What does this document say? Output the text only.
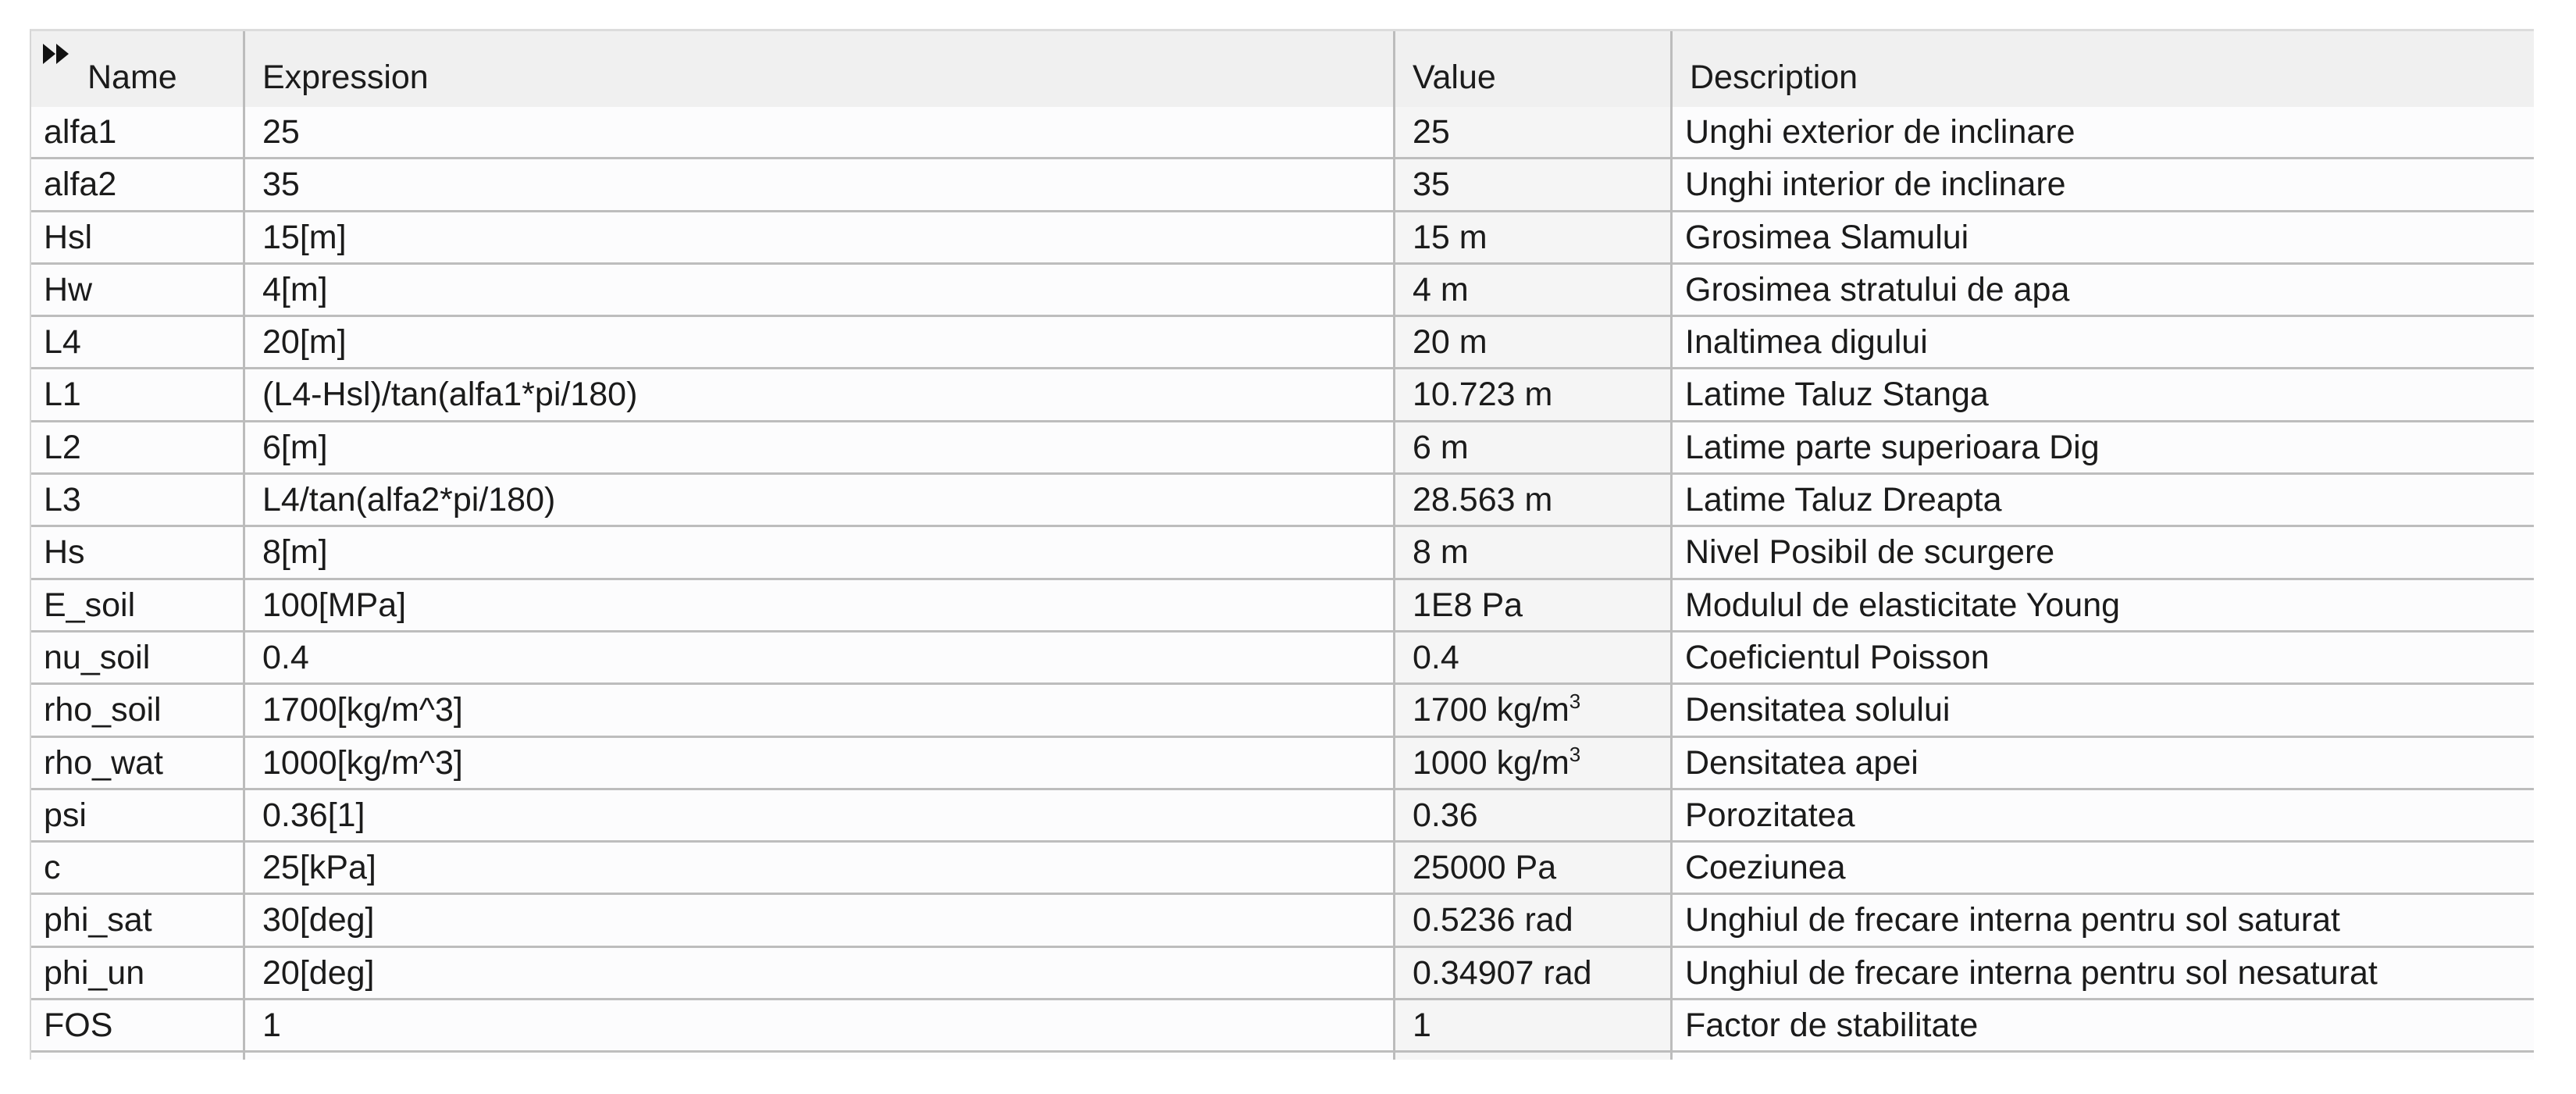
Name	Expression	Value	Description
alfa1	25	25	Unghi exterior de inclinare
alfa2	35	35	Unghi interior de inclinare
Hsl	15[m]	15 m	Grosimea Slamului
Hw	4[m]	4 m	Grosimea stratului de apa
L4	20[m]	20 m	Inaltimea digului
L1	(L4-Hsl)/tan(alfa1*pi/180)	10.723 m	Latime Taluz Stanga
L2	6[m]	6 m	Latime parte superioara Dig
L3	L4/tan(alfa2*pi/180)	28.563 m	Latime Taluz Dreapta
Hs	8[m]	8 m	Nivel Posibil de scurgere
E_soil	100[MPa]	1E8 Pa	Modulul de elasticitate Young
nu_soil	0.4	0.4	Coeficientul Poisson
rho_soil	1700[kg/m^3]	1700 $kg/m^3$	Densitatea solului
rho_wat	1000[kg/m^3]	1000 $kg/m^3$	Densitatea apei
psi	0.36[1]	0.36	Porozitatea
c	25[kPa]	25000 Pa	Coeziunea
phi_sat	30[deg]	0.5236 rad	Unghiul de frecare interna pentru sol saturat
phi_un	20[deg]	0.34907 rad	Unghiul de frecare interna pentru sol nesaturat
FOS	1	1	Factor de stabilitate
